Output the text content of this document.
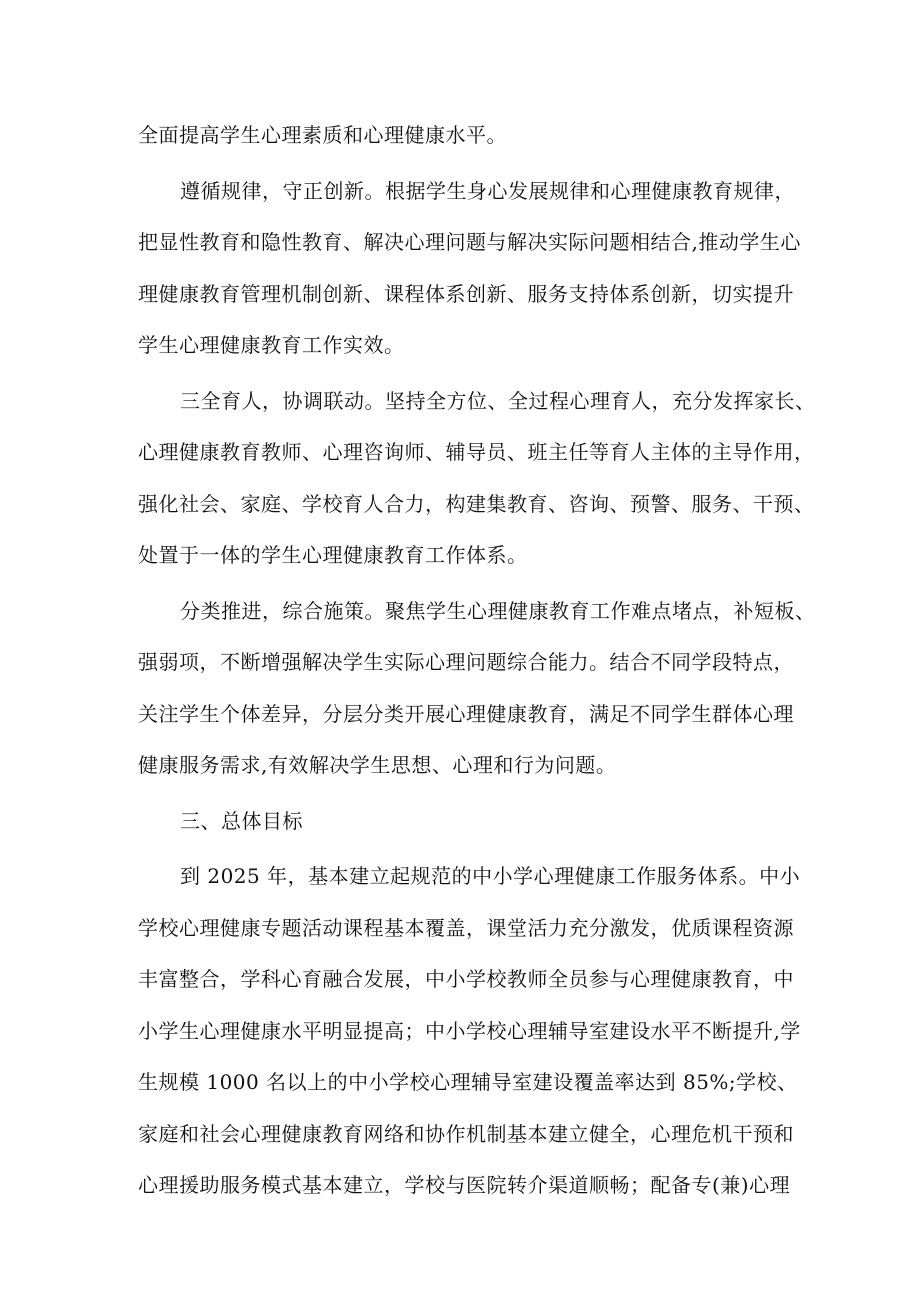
全面提高学生心理素质和心理健康水平。

遵循规律，守正创新。根据学生身心发展规律和心理健康教育规律，
把显性教育和隐性教育、解决心理问题与解决实际问题相结合,推动学生心
理健康教育管理机制创新、课程体系创新、服务支持体系创新，切实提升
学生心理健康教育工作实效。

三全育人，协调联动。坚持全方位、全过程心理育人，充分发挥家长、
心理健康教育教师、心理咨询师、辅导员、班主任等育人主体的主导作用，
强化社会、家庭、学校育人合力，构建集教育、咨询、预警、服务、干预、
处置于一体的学生心理健康教育工作体系。

分类推进，综合施策。聚焦学生心理健康教育工作难点堵点，补短板、
强弱项，不断增强解决学生实际心理问题综合能力。结合不同学段特点，
关注学生个体差异，分层分类开展心理健康教育，满足不同学生群体心理
健康服务需求,有效解决学生思想、心理和行为问题。

三、总体目标

到 2025 年，基本建立起规范的中小学心理健康工作服务体系。中小
学校心理健康专题活动课程基本覆盖，课堂活力充分激发，优质课程资源
丰富整合，学科心育融合发展，中小学校教师全员参与心理健康教育，中
小学生心理健康水平明显提高；中小学校心理辅导室建设水平不断提升,学
生规模 1000 名以上的中小学校心理辅导室建设覆盖率达到 85%;学校、
家庭和社会心理健康教育网络和协作机制基本建立健全，心理危机干预和
心理援助服务模式基本建立，学校与医院转介渠道顺畅；配备专(兼)心理
